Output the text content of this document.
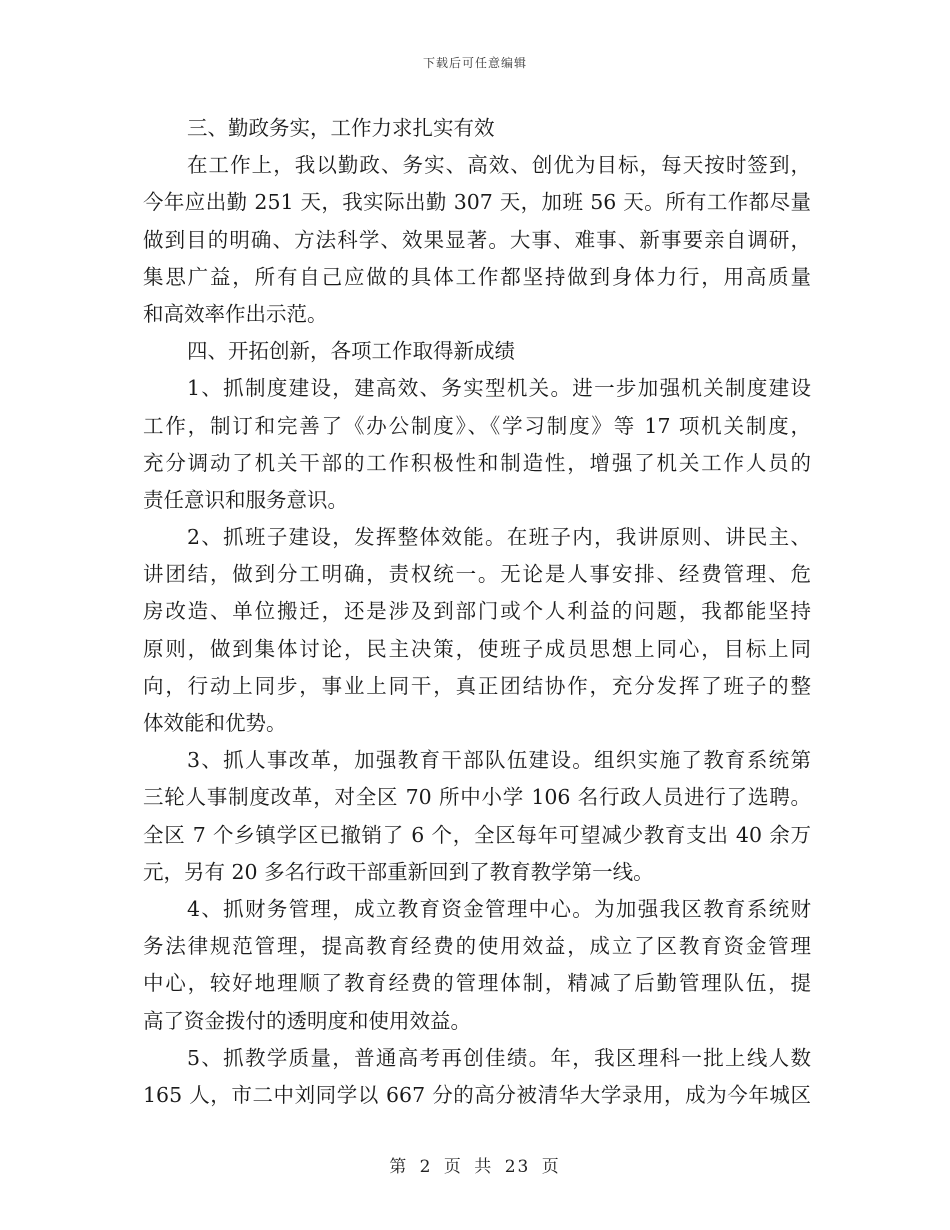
下载后可任意编辑
三、勤政务实，工作力求扎实有效
在工作上，我以勤政、务实、高效、创优为目标，每天按时签到，
今年应出勤 251 天，我实际出勤 307 天，加班 56 天。所有工作都尽量
做到目的明确、方法科学、效果显著。大事、难事、新事要亲自调研，
集思广益，所有自己应做的具体工作都坚持做到身体力行，用高质量
和高效率作出示范。
四、开拓创新，各项工作取得新成绩
1、抓制度建设，建高效、务实型机关。进一步加强机关制度建设
工作，制订和完善了《办公制度》、《学习制度》等 17 项机关制度，
充分调动了机关干部的工作积极性和制造性，增强了机关工作人员的
责任意识和服务意识。
2、抓班子建设，发挥整体效能。在班子内，我讲原则、讲民主、
讲团结，做到分工明确，责权统一。无论是人事安排、经费管理、危
房改造、单位搬迁，还是涉及到部门或个人利益的问题，我都能坚持
原则，做到集体讨论，民主决策，使班子成员思想上同心，目标上同
向，行动上同步，事业上同干，真正团结协作，充分发挥了班子的整
体效能和优势。
3、抓人事改革，加强教育干部队伍建设。组织实施了教育系统第
三轮人事制度改革，对全区 70 所中小学 106 名行政人员进行了选聘。
全区 7 个乡镇学区已撤销了 6 个，全区每年可望减少教育支出 40 余万
元，另有 20 多名行政干部重新回到了教育教学第一线。
4、抓财务管理，成立教育资金管理中心。为加强我区教育系统财
务法律规范管理，提高教育经费的使用效益，成立了区教育资金管理
中心，较好地理顺了教育经费的管理体制，精减了后勤管理队伍，提
高了资金拨付的透明度和使用效益。
5、抓教学质量，普通高考再创佳绩。年，我区理科一批上线人数
165 人，市二中刘同学以 667 分的高分被清华大学录用，成为今年城区
第 2 页 共 23 页
